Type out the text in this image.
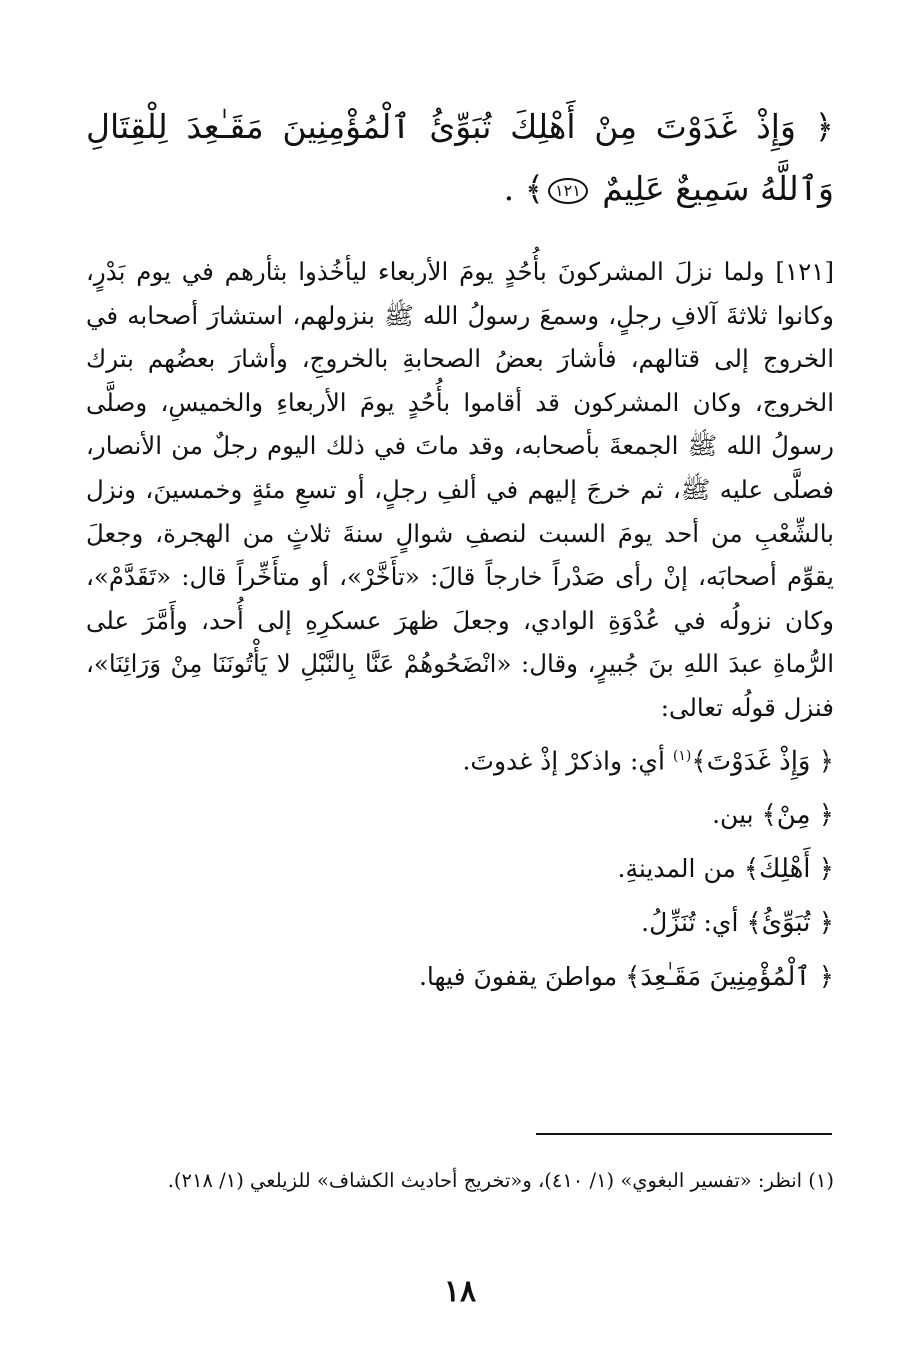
﴿ وَإِذْ غَدَوْتَ مِنْ أَهْلِكَ تُبَوِّئُ ٱلْمُؤْمِنِينَ مَقَـٰعِدَ لِلْقِتَالِ وَٱللَّهُ سَمِيعٌ عَلِيمٌ ١٢١﴾ .

[١٢١] ولما نزلَ المشركونَ بأُحُدٍ يومَ الأربعاء ليأخُذوا بثأرهم في يوم بَدْرٍ، وكانوا ثلاثةَ آلافِ رجلٍ، وسمعَ رسولُ الله ﷺ بنزولهم، استشارَ أصحابه في الخروج إلى قتالهم، فأشارَ بعضُ الصحابةِ بالخروجِ، وأشارَ بعضُهم بترك الخروج، وكان المشركون قد أقاموا بأُحُدٍ يومَ الأربعاءِ والخميسِ، وصلَّى رسولُ الله ﷺ الجمعةَ بأصحابه، وقد ماتَ في ذلك اليوم رجلٌ من الأنصار، فصلَّى عليه ﷺ، ثم خرجَ إليهم في ألفِ رجلٍ، أو تسعِ مئةٍ وخمسينَ، ونزل بالشِّعْبِ من أحد يومَ السبت لنصفِ شوالٍ سنةَ ثلاثٍ من الهجرة، وجعلَ يقوِّم أصحابَه، إنْ رأى صَدْراً خارجاً قالَ: «تأَخَّرْ»، أو متأَخِّراً قال: «تَقَدَّمْ»، وكان نزولُه في عُدْوَةِ الوادي، وجعلَ ظهرَ عسكرِهِ إلى أُحد، وأَمَّرَ على الرُّماةِ عبدَ اللهِ بنَ جُبيرٍ، وقال: «انْضَحُوهُمْ عَنَّا بِالنَّبْلِ لا يَأْتُونَنَا مِنْ وَرَائِنَا»، فنزل قولُه تعالى:

﴿ وَإِذْ غَدَوْتَ﴾$^{(١)}$ أي: واذكرْ إذْ غدوتَ.
﴿ مِنْ﴾ بين.
﴿ أَهْلِكَ﴾ من المدينةِ.
﴿ تُبَوِّئُ﴾ أي: تُنَزِّلُ.
﴿ ٱلْمُؤْمِنِينَ مَقَـٰعِدَ﴾ مواطنَ يقفونَ فيها.

(١) انظر: «تفسير البغوي» (١/ ٤١٠)، و«تخريج أحاديث الكشاف» للزيلعي (١/ ٢١٨).

١٨
